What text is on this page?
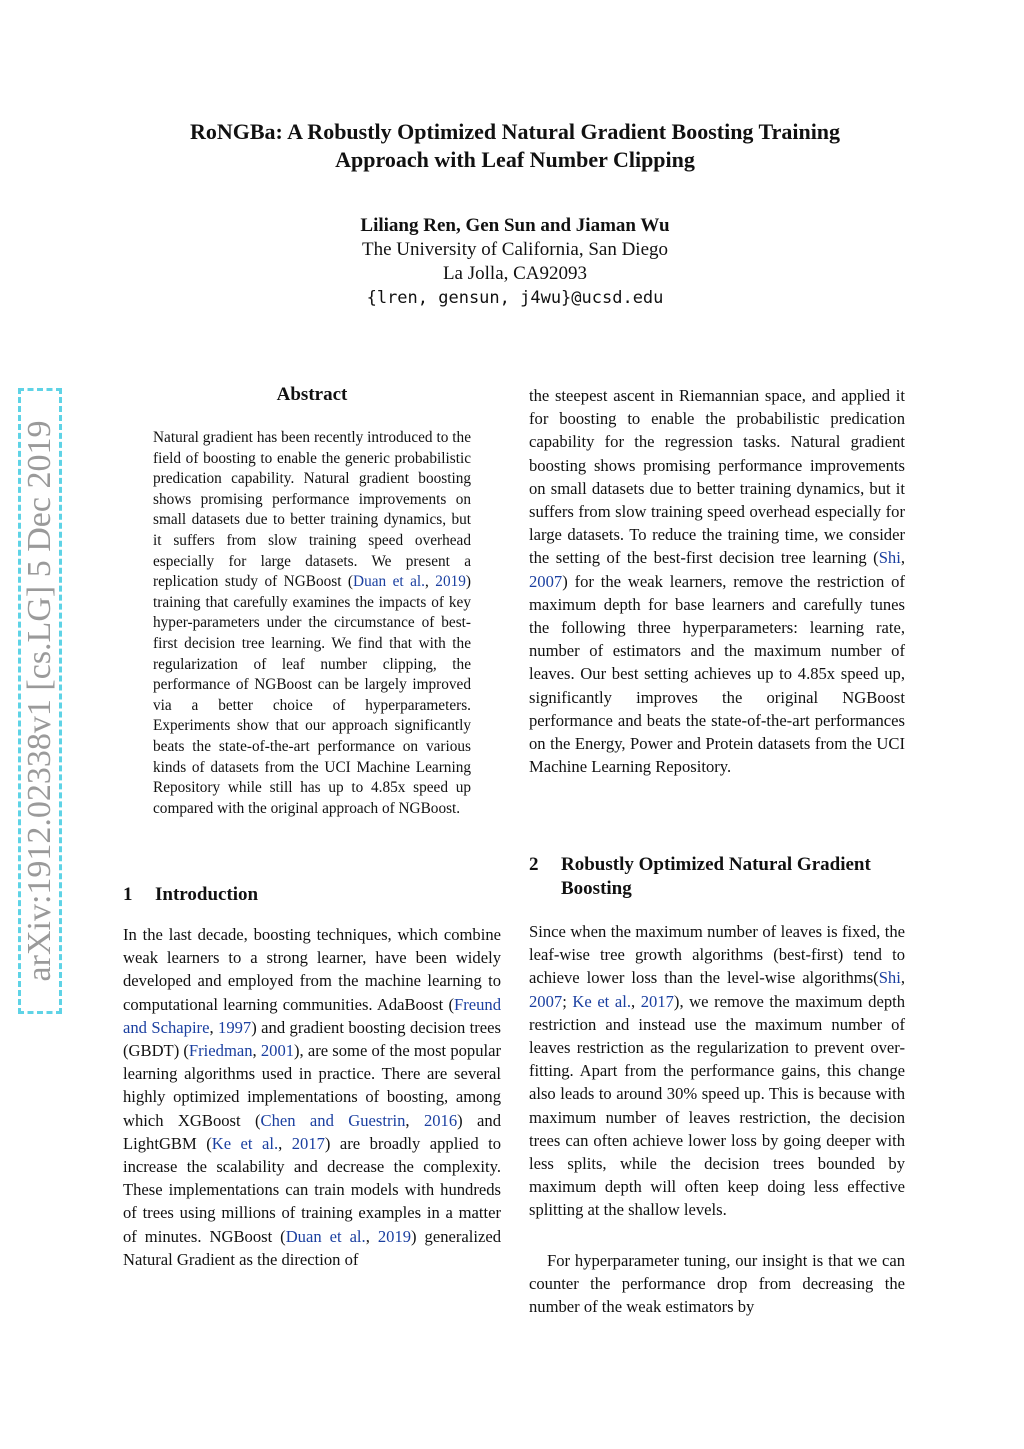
RoNGBa: A Robustly Optimized Natural Gradient Boosting Training
Approach with Leaf Number Clipping
Liliang Ren, Gen Sun and Jiaman Wu
The University of California, San Diego
La Jolla, CA92093
{lren, gensun, j4wu}@ucsd.edu
arXiv:1912.02338v1 [cs.LG] 5 Dec 2019
Abstract

Natural gradient has been recently introduced to the field of boosting to enable the generic probabilistic predication capability. Natural gradient boosting shows promising performance improvements on small datasets due to better training dynamics, but it suffers from slow training speed overhead especially for large datasets. We present a replication study of NGBoost (Duan et al., 2019) training that carefully examines the impacts of key hyper-parameters under the circumstance of best-first decision tree learning. We find that with the regularization of leaf number clipping, the performance of NGBoost can be largely improved via a better choice of hyperparameters. Experiments show that our approach significantly beats the state-of-the-art performance on various kinds of datasets from the UCI Machine Learning Repository while still has up to 4.85x speed up compared with the original approach of NGBoost.

1	Introduction

In the last decade, boosting techniques, which combine weak learners to a strong learner, have been widely developed and employed from the machine learning to computational learning communities. AdaBoost (Freund and Schapire, 1997) and gradient boosting decision trees (GBDT) (Friedman, 2001), are some of the most popular learning algorithms used in practice. There are several highly optimized implementations of boosting, among which XGBoost (Chen and Guestrin, 2016) and LightGBM (Ke et al., 2017) are broadly applied to increase the scalability and decrease the complexity. These implementations can train models with hundreds of trees using millions of training examples in a matter of minutes. NGBoost (Duan et al., 2019) generalized Natural Gradient as the direction of

the steepest ascent in Riemannian space, and applied it for boosting to enable the probabilistic predication capability for the regression tasks. Natural gradient boosting shows promising performance improvements on small datasets due to better training dynamics, but it suffers from slow training speed overhead especially for large datasets. To reduce the training time, we consider the setting of the best-first decision tree learning (Shi, 2007) for the weak learners, remove the restriction of maximum depth for base learners and carefully tunes the following three hyperparameters: learning rate, number of estimators and the maximum number of leaves. Our best setting achieves up to 4.85x speed up, significantly improves the original NGBoost performance and beats the state-of-the-art performances on the Energy, Power and Protein datasets from the UCI Machine Learning Repository.

2	Robustly Optimized Natural Gradient
Boosting

Since when the maximum number of leaves is fixed, the leaf-wise tree growth algorithms (best-first) tend to achieve lower loss than the level-wise algorithms(Shi, 2007; Ke et al., 2017), we remove the maximum depth restriction and instead use the maximum number of leaves restriction as the regularization to prevent over-fitting. Apart from the performance gains, this change also leads to around 30% speed up. This is because with maximum number of leaves restriction, the decision trees can often achieve lower loss by going deeper with less splits, while the decision trees bounded by maximum depth will often keep doing less effective splitting at the shallow levels.

For hyperparameter tuning, our insight is that we can counter the performance drop from decreasing the number of the weak estimators by
